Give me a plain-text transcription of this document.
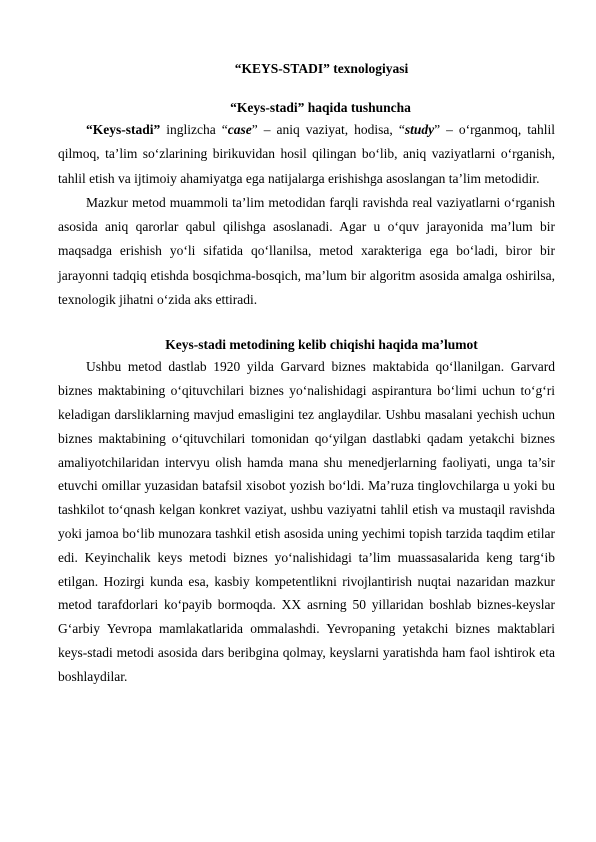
“KEYS-STADI” texnologiyasi
“Keys-stadi” haqida tushuncha

“Keys-stadi” inglizcha “case” – aniq vaziyat, hodisa, “study” – o‘rganmoq, tahlil qilmoq, ta’lim so‘zlarining birikuvidan hosil qilingan bo‘lib, aniq vaziyatlarni o‘rganish, tahlil etish va ijtimoiy ahamiyatga ega natijalarga erishishga asoslangan ta’lim metodidir.

Mazkur metod muammoli ta’lim metodidan farqli ravishda real vaziyatlarni o‘rganish asosida aniq qarorlar qabul qilishga asoslanadi. Agar u o‘quv jarayonida ma’lum bir maqsadga erishish yo‘li sifatida qo‘llanilsa, metod xarakteriga ega bo‘ladi, biror bir jarayonni tadqiq etishda bosqichma-bosqich, ma’lum bir algoritm asosida amalga oshirilsa, texnologik jihatni o‘zida aks ettiradi.

Keys-stadi metodining kelib chiqishi haqida ma’lumot

Ushbu metod dastlab 1920 yilda Garvard biznes maktabida qo‘llanilgan. Garvard biznes maktabining o‘qituvchilari biznes yo‘nalishidagi aspirantura bo‘limi uchun to‘g‘ri keladigan darsliklarning mavjud emasligini tez anglaydilar. Ushbu masalani yechish uchun biznes maktabining o‘qituvchilari tomonidan qo‘yilgan dastlabki qadam yetakchi biznes amaliyotchilaridan intervyu olish hamda mana shu menedjerlarning faoliyati, unga ta’sir etuvchi omillar yuzasidan batafsil xisobot yozish bo‘ldi. Ma’ruza tinglovchilarga u yoki bu tashkilot to‘qnash kelgan konkret vaziyat, ushbu vaziyatni tahlil etish va mustaqil ravishda yoki jamoa bo‘lib munozara tashkil etish asosida uning yechimi topish tarzida taqdim etilar edi. Keyinchalik keys metodi biznes yo‘nalishidagi ta’lim muassasalarida keng targ‘ib etilgan. Hozirgi kunda esa, kasbiy kompetentlikni rivojlantirish nuqtai nazaridan mazkur metod tarafdorlari ko‘payib bormoqda. XX asrning 50 yillaridan boshlab biznes-keyslar G‘arbiy Yevropa mamlakatlarida ommalashdi. Yevropaning yetakchi biznes maktablari keys-stadi metodi asosida dars beribgina qolmay, keyslarni yaratishda ham faol ishtirok eta boshlaydilar.
